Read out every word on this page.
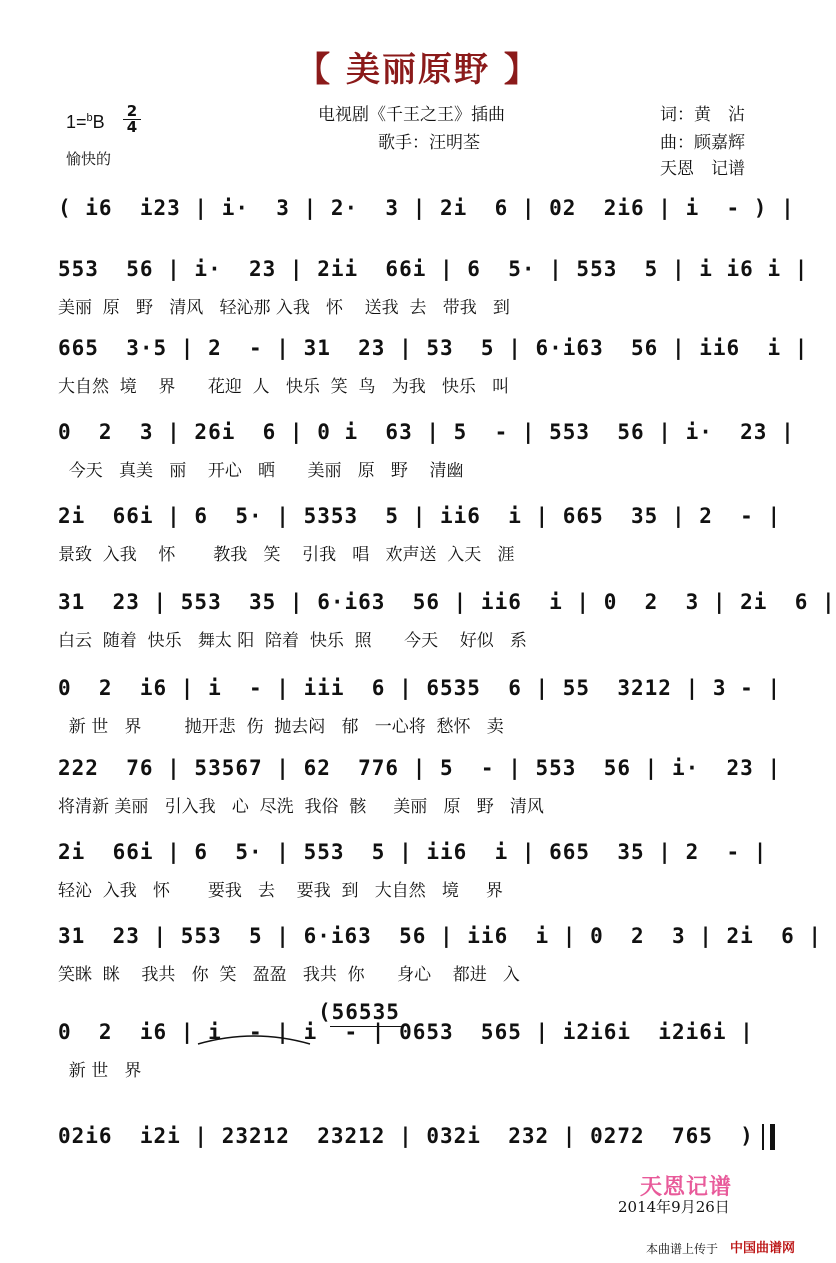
【 美丽原野 】
电视剧《千王之王》插曲
歌手：汪明荃
词：黄　沾
曲：顾嘉辉
天恩　记谱
$1=^bB \frac{2}{4}$
愉快的
( i6  i23 | i·  3 | 2·  3 | 2i  6 | 02  2i6 | i  - ) |
553  56 | i·  23 | 2ii  66i | 6  5· | 553  5 | i i6 i |
美丽  原   野   清风   轻沁那 入我   怀    送我  去   带我   到
665  3·5 | 2  - | 31  23 | 53  5 | 6·i63  56 | ii6  i |
大自然  境    界      花迎  人   快乐  笑  鸟   为我   快乐   叫
0  2  3 | 26i  6 | 0 i  63 | 5  - | 553  56 | i·  23 |
今天   真美   丽    开心   晒      美丽   原   野    清幽
2i  66i | 6  5· | 5353  5 | ii6  i | 665  35 | 2  - |
景致  入我    怀       教我   笑    引我   唱   欢声送  入天   涯
31  23 | 553  35 | 6·i63  56 | ii6  i | 0  2  3 | 2i  6 |
白云  随着  快乐   舞太 阳  陪着  快乐  照      今天    好似   系
0  2  i6 | i  - | iii  6 | 6535  6 | 55  3212 | 3 - |
新 世   界        抛开悲  伤  抛去闷   郁   一心将  愁怀   卖
222  76 | 53567 | 62  776 | 5  - | 553  56 | i·  23 |
将清新 美丽   引入我   心  尽洗  我俗  骸     美丽   原   野   清风
2i  66i | 6  5· | 553  5 | ii6  i | 665  35 | 2  - |
轻沁  入我   怀       要我   去    要我  到   大自然   境     界
31  23 | 553  5 | 6·i63  56 | ii6  i | 0  2  3 | 2i  6 |
笑眯  眯    我共   你  笑   盈盈   我共  你      身心    都进   入
0  2  i6 | i  - | i  - | 0653  565 | i2i6i  i2i6i |
新 世   界
02i6  i2i | 23212  23212 | 032i  232 | 0272  765  )
(56535
天恩记谱
2014年9月26日
本曲谱上传于 中国曲谱网
